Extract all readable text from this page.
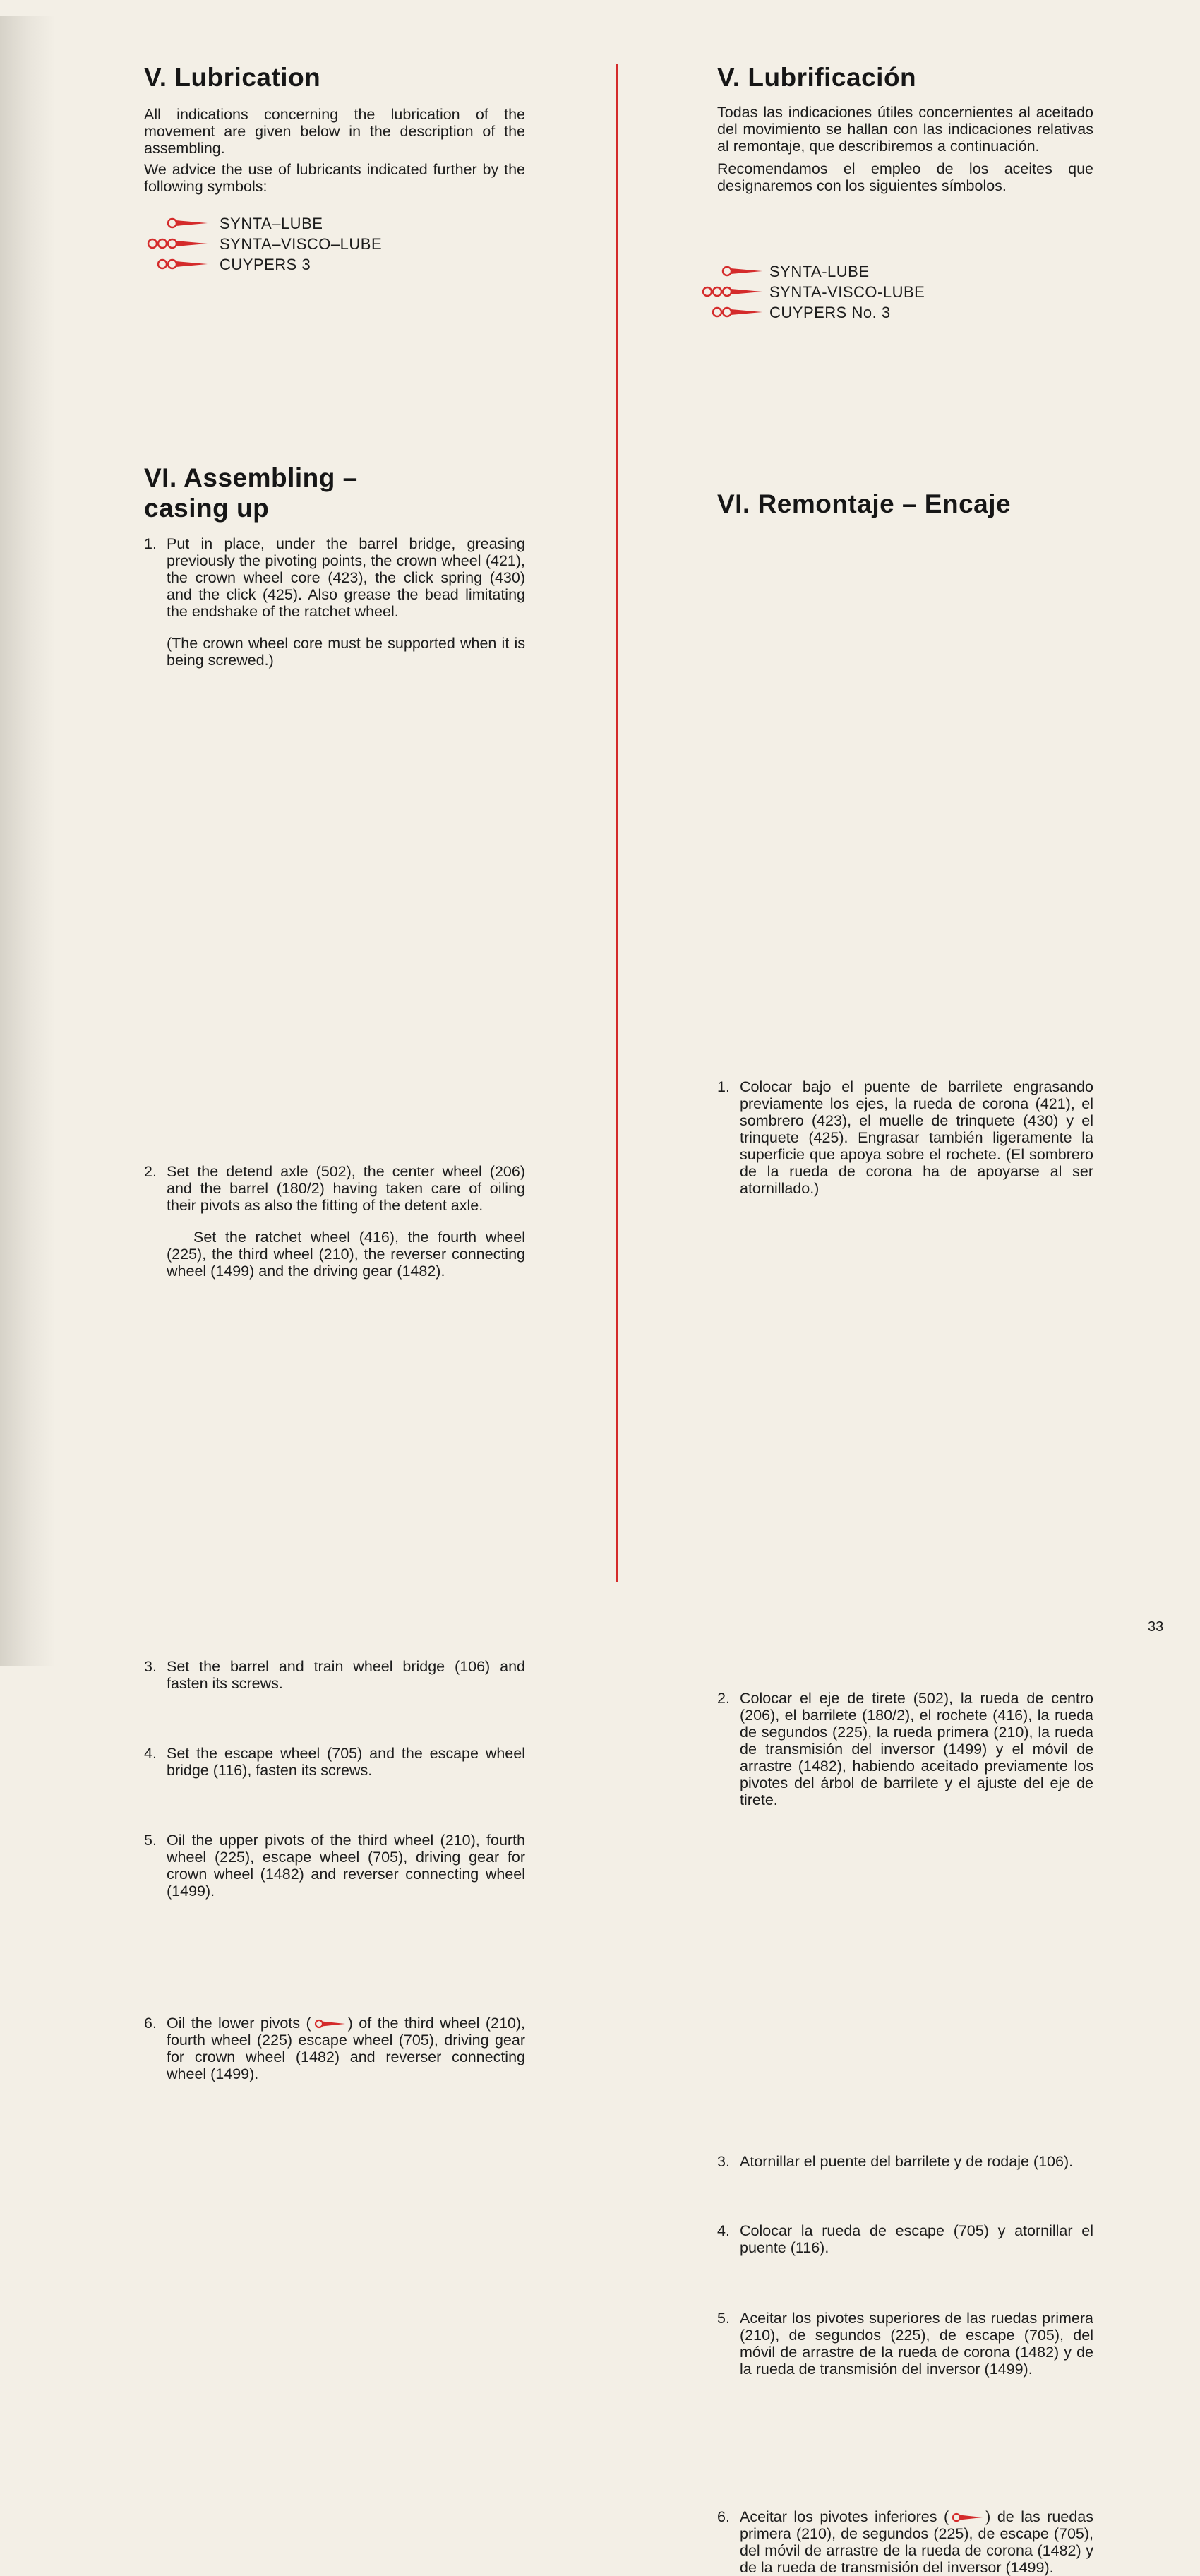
V. Lubrication

All indications concerning the lubrication of the movement are given below in the description of the assembling.

We advice the use of lubricants indicated further by the following symbols:

SYNTA–LUBE
SYNTA–VISCO–LUBE
CUYPERS 3
VI. Assembling –
casing up
1. Put in place, under the barrel bridge, greasing previously the pivoting points, the crown wheel (421), the crown wheel core (423), the click spring (430) and the click (425). Also grease the bead limitating the endshake of the ratchet wheel.

(The crown wheel core must be supported when it is being screwed.)

2. Set the detend axle (502), the center wheel (206) and the barrel (180/2) having taken care of oiling their pivots as also the fitting of the detent axle.

Set the ratchet wheel (416), the fourth wheel (225), the third wheel (210), the reverser connecting wheel (1499) and the driving gear (1482).

3. Set the barrel and train wheel bridge (106) and fasten its screws.

4. Set the escape wheel (705) and the escape wheel bridge (116), fasten its screws.

5. Oil the upper pivots of the third wheel (210), fourth wheel (225), escape wheel (705), driving gear for crown wheel (1482) and reverser connecting wheel (1499).

6. Oil the lower pivots ( ) of the third wheel (210), fourth wheel (225) escape wheel (705), driving gear for crown wheel (1482) and reverser connecting wheel (1499).

V. Lubrificación

Todas las indicaciones útiles concernientes al aceitado del movimiento se hallan con las indicaciones relativas al remontaje, que describiremos a continuación.

Recomendamos el empleo de los aceites que designaremos con los siguientes símbolos.

SYNTA-LUBE
SYNTA-VISCO-LUBE
CUYPERS No. 3
VI. Remontaje – Encaje
1. Colocar bajo el puente de barrilete engrasando previamente los ejes, la rueda de corona (421), el sombrero (423), el muelle de trinquete (430) y el trinquete (425). Engrasar también ligeramente la superficie que apoya sobre el rochete. (El sombrero de la rueda de corona ha de apoyarse al ser atornillado.)

2. Colocar el eje de tirete (502), la rueda de centro (206), el barrilete (180/2), el rochete (416), la rueda de segundos (225), la rueda primera (210), la rueda de transmisión del inversor (1499) y el móvil de arrastre (1482), habiendo aceitado previamente los pivotes del árbol de barrilete y el ajuste del eje de tirete.

3. Atornillar el puente del barrilete y de rodaje (106).

4. Colocar la rueda de escape (705) y atornillar el puente (116).

5. Aceitar los pivotes superiores de las ruedas primera (210), de segundos (225), de escape (705), del móvil de arrastre de la rueda de corona (1482) y de la rueda de transmisión del inversor (1499).

6. Aceitar los pivotes inferiores ( ) de las ruedas primera (210), de segundos (225), de escape (705), del móvil de arrastre de la rueda de corona (1482) y de la rueda de transmisión del inversor (1499).

33
